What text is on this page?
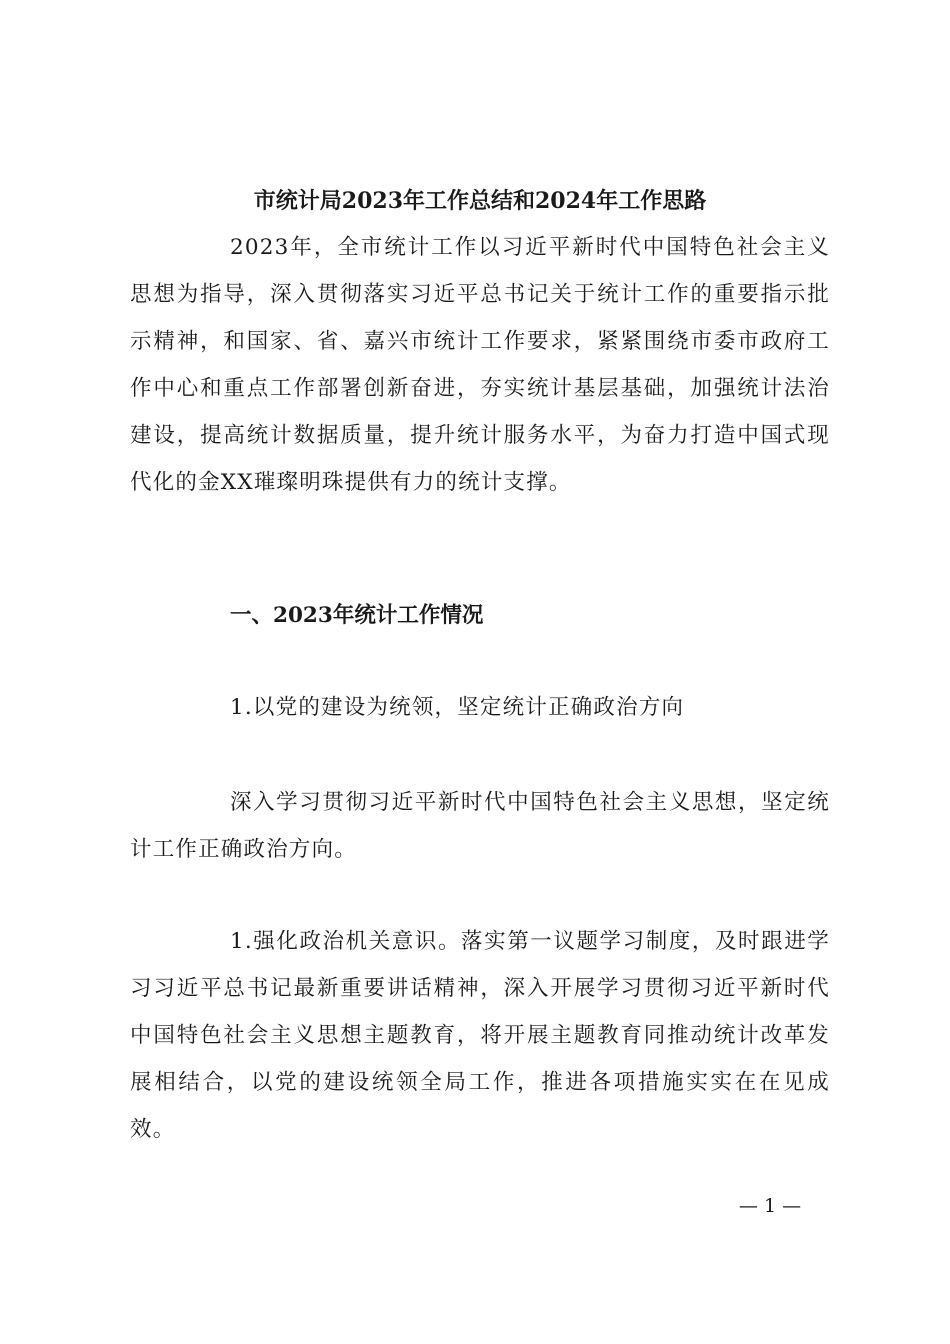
市统计局2023年工作总结和2024年工作思路

2023年，全市统计工作以习近平新时代中国特色社会主义思想为指导，深入贯彻落实习近平总书记关于统计工作的重要指示批示精神，和国家、省、嘉兴市统计工作要求，紧紧围绕市委市政府工作中心和重点工作部署创新奋进，夯实统计基层基础，加强统计法治建设，提高统计数据质量，提升统计服务水平，为奋力打造中国式现代化的金XX璀璨明珠提供有力的统计支撑。

一、2023年统计工作情况

1.以党的建设为统领，坚定统计正确政治方向

深入学习贯彻习近平新时代中国特色社会主义思想，坚定统计工作正确政治方向。

1.强化政治机关意识。落实第一议题学习制度，及时跟进学习习近平总书记最新重要讲话精神，深入开展学习贯彻习近平新时代中国特色社会主义思想主题教育，将开展主题教育同推动统计改革发展相结合，以党的建设统领全局工作，推进各项措施实实在在见成效。

— 1 —
